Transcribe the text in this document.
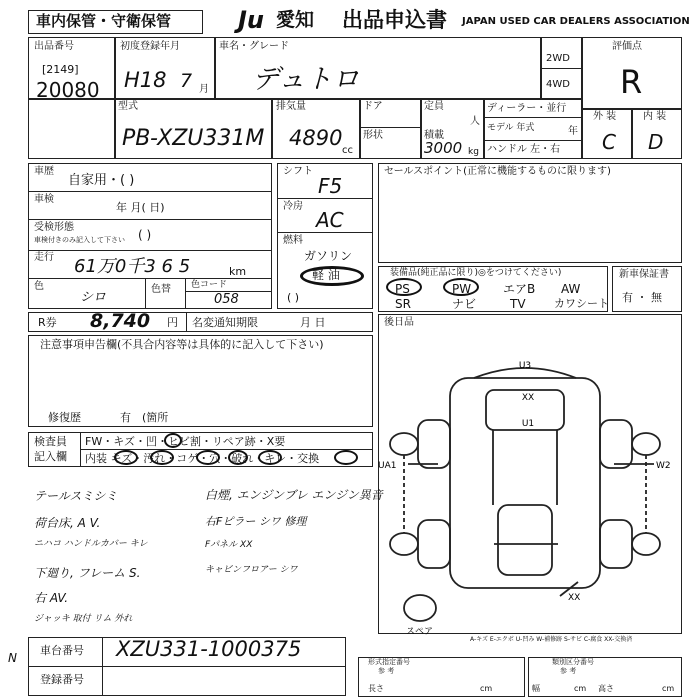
車内保管・守衛保管	Ju 愛知 出品申込書 JAPAN USED CAR DEALERS ASSOCIATION
出品番号
[2149]
20080
初度登録年月
H18 7 月
車名・グレード
デュトロ
2WD
4WD
評価点
R
型式
PB-XZU331M
排気量
4890
cc
ドア
形状
定員
人
積載
3000 kg
ディーラー・並行
モデル 年式	年
ハンドル 左・右
外 装	内 装
C D
車歴
自家用・( )
車検
年 月( 日)
受検形態
車検付きのみ記入して下さい ( )
走行 61万0千3 6 5	km
色
シロ
色替 色コード
058
シフト
F5
冷房
AC
燃料
ガソリン
軽 油
( )
セールスポイント(正常に機能するものに限ります)
装備品(純正品に限り)◎をつけてください)
PS	PW	エアB AW
SR	ナビ	TV	カワシート
新車保証書
有 ・ 無
R券 8,740 円 名変通知期限	月 日	後日品
注意事項申告欄(不具合内容等は具体的に記入して下さい)
修復歴	有 (箇所
検査員
記入欄
FW・キズ・凹・ヒビ割・リペア跡・X要
内装 キズ・汚れ・コゲ・穴・破れ・キレ・交換
テールスミシミ
荷台床, A V.
ニハコ ハンドルカバー キレ
下廻り, フレーム S.
右 AV.
ジャッキ 取付 リム 外れ
白煙, エンジンブレ エンジン異音
右Fピラー シワ 修理
Fパネル XX
キャビンフロアー シワ
U3
XX
U1
UA1	W2
XX
スペア
A-キズ E-エクボ U-凹み W-補修跡 S-サビ C-腐食 XX-交換済
形式指定番号
参 考
長さ	cm
類別区分番号
参 考
幅	cm 高さ	cm
車台番号 XZU331-1000375
登録番号
N
